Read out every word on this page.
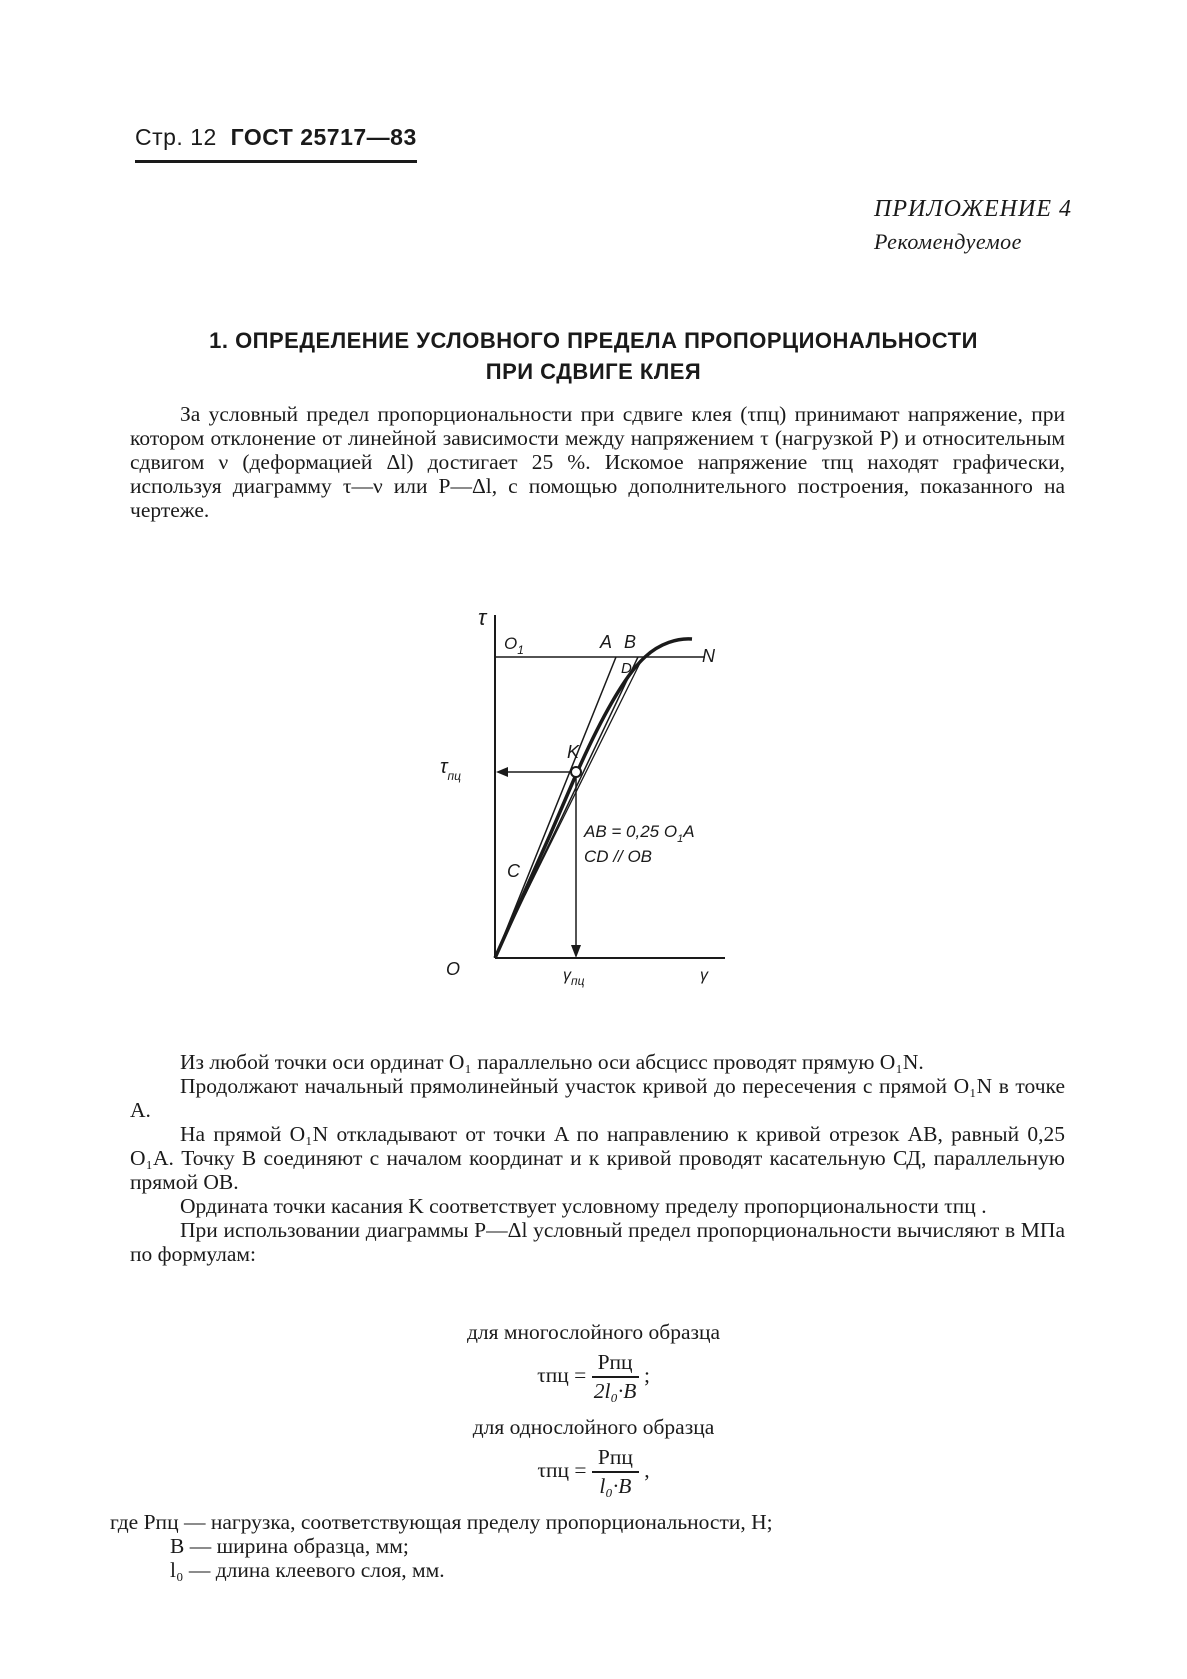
Стр. 12 ГОСТ 25717—83
ПРИЛОЖЕНИЕ 4
Рекомендуемое
1. ОПРЕДЕЛЕНИЕ УСЛОВНОГО ПРЕДЕЛА ПРОПОРЦИОНАЛЬНОСТИ
ПРИ СДВИГЕ КЛЕЯ

За условный предел пропорциональности при сдвиге клея (τпц) принимают напряжение, при котором отклонение от линейной зависимости между напряжением τ (нагрузкой P) и относительным сдвигом ν (деформацией Δl) достигает 25 %. Искомое напряжение τпц находят графически, используя диаграмму τ—ν или P—Δl, с помощью дополнительного построения, показанного на чертеже.

τ
$O_1$	A B
D
N
K
C
$\tau_{пц}$
O	$\gamma_{пц}$	γ
AB = 0,25 $O_1A$
CD // OB

Из любой точки оси ординат O₁ параллельно оси абсцисс проводят прямую O₁N.

Продолжают начальный прямолинейный участок кривой до пересечения с прямой O₁N в точке A.

На прямой O₁N откладывают от точки A по направлению к кривой отрезок AB, равный 0,25 O₁A. Точку B соединяют с началом координат и к кривой проводят касательную СД, параллельную прямой OB.

Ордината точки касания K соответствует условному пределу пропорциональности τпц .

При использовании диаграммы P—Δl условный предел пропорциональности вычисляют в МПа по формулам:

для многослойного образца
$\tau пц = \frac{\text{Pпц}}{\text{2l₀·B}}$ ;
для однослойного образца
$\tau пц = \frac{\text{Pпц}}{\text{l₀·B}}$ ,
где Pпц — нагрузка, соответствующая пределу пропорциональности, Н;
B — ширина образца, мм;
l₀ — длина клеевого слоя, мм.
